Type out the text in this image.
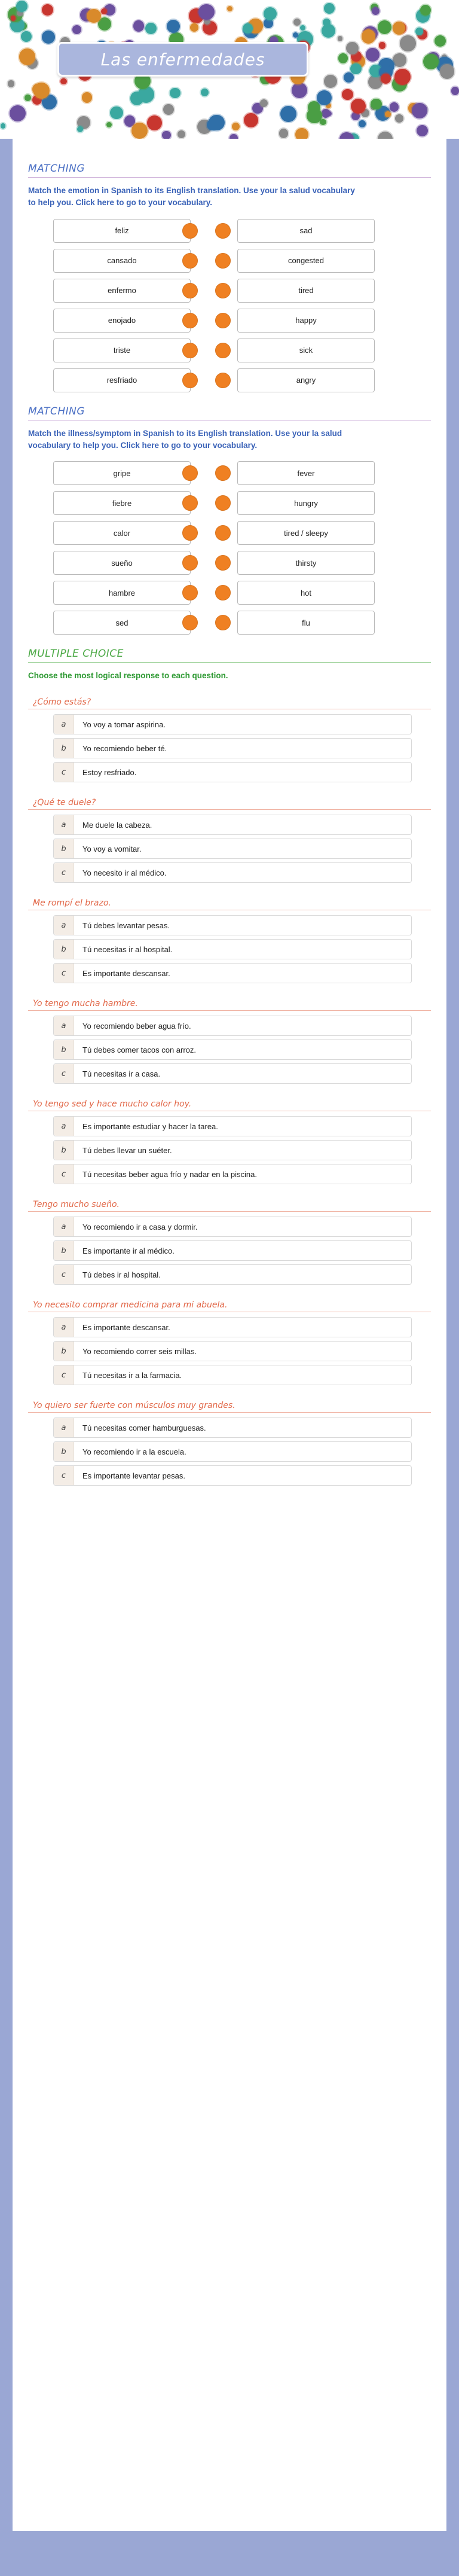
Las enfermedades
MATCHING

Match the emotion in Spanish to its English translation. Use your la salud vocabulary to help you. Click here to go to your vocabulary.

feliz	sad
cansado	congested
enfermo	tired
enojado	happy
triste	sick
resfriado	angry
MATCHING

Match the illness/symptom in Spanish to its English translation. Use your la salud vocabulary to help you. Click here to go to your vocabulary.

gripe	fever
fiebre	hungry
calor	tired / sleepy
sueño	thirsty
hambre	hot
sed	flu
MULTIPLE CHOICE

Choose the most logical response to each question.

¿Cómo estás?
a	Yo voy a tomar aspirina.
b	Yo recomiendo beber té.
c	Estoy resfriado.
¿Qué te duele?
a	Me duele la cabeza.
b	Yo voy a vomitar.
c	Yo necesito ir al médico.
Me rompí el brazo.
a	Tú debes levantar pesas.
b	Tú necesitas ir al hospital.
c	Es importante descansar.
Yo tengo mucha hambre.
a	Yo recomiendo beber agua frío.
b	Tú debes comer tacos con arroz.
c	Tú necesitas ir a casa.
Yo tengo sed y hace mucho calor hoy.
a	Es importante estudiar y hacer la tarea.
b	Tú debes llevar un suéter.
c	Tú necesitas beber agua frío y nadar en la piscina.
Tengo mucho sueño.
a	Yo recomiendo ir a casa y dormir.
b	Es importante ir al médico.
c	Tú debes ir al hospital.
Yo necesito comprar medicina para mi abuela.
a	Es importante descansar.
b	Yo recomiendo correr seis millas.
c	Tú necesitas ir a la farmacia.
Yo quiero ser fuerte con músculos muy grandes.
a	Tú necesitas comer hamburguesas.
b	Yo recomiendo ir a la escuela.
c	Es importante levantar pesas.
